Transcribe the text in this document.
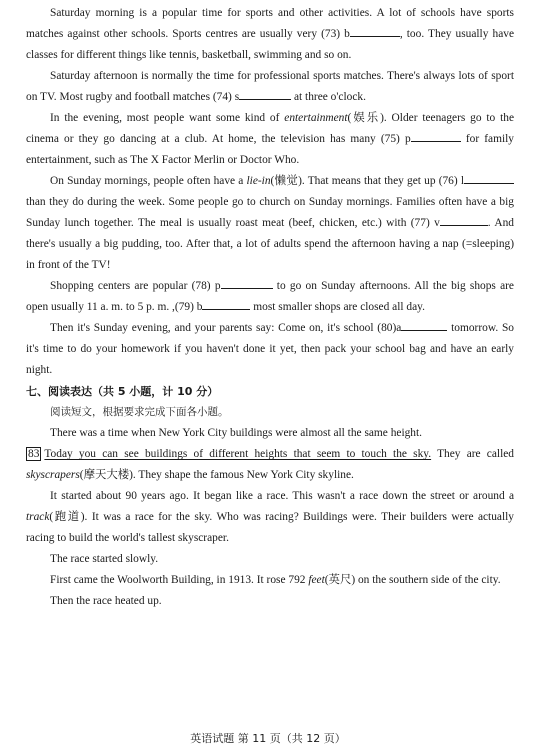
Saturday morning is a popular time for sports and other activities. A lot of schools have sports matches against other schools. Sports centres are usually very (73) b	, too. They usually have classes for different things like tennis, basketball, swimming and so on.

Saturday afternoon is normally the time for professional sports matches. There's always lots of sport on TV. Most rugby and football matches (74) s	at three o'clock.

In the evening, most people want some kind of entertainment(娱乐). Older teenagers go to the cinema or they go dancing at a club. At home, the television has many (75) p	for family entertainment, such as The X Factor Merlin or Doctor Who.

On Sunday mornings, people often have a lie-in(懒觉). That means that they get up (76) l than they do during the week. Some people go to church on Sunday mornings. Families often have a big Sunday lunch together. The meal is usually roast meat (beef, chicken, etc.) with (77) v	. And there's usually a big pudding, too. After that, a lot of adults spend the afternoon having a nap (=sleeping) in front of the TV!

Shopping centers are popular (78) p	to go on Sunday afternoons. All the big shops are open usually 11 a. m. to 5 p. m. ,(79) b	most smaller shops are closed all day.

Then it's Sunday evening, and your parents say: Come on, it's school (80)a	tomorrow. So it's time to do your homework if you haven't done it yet, then pack your school bag and have an early night.

七、阅读表达（共 5 小题，计 10 分）

阅读短文，根据要求完成下面各小题。

There was a time when New York City buildings were almost all the same height.

83 Today you can see buildings of different heights that seem to touch the sky. They are called skyscrapers(摩天大楼). They shape the famous New York City skyline.

It started about 90 years ago. It began like a race. This wasn't a race down the street or around a track(跑道). It was a race for the sky. Who was racing? Buildings were. Their builders were actually racing to build the world's tallest skyscraper.

The race started slowly.

First came the Woolworth Building, in 1913. It rose 792 feet(英尺) on the southern side of the city.

Then the race heated up.

英语试题 第 11 页（共 12 页）
